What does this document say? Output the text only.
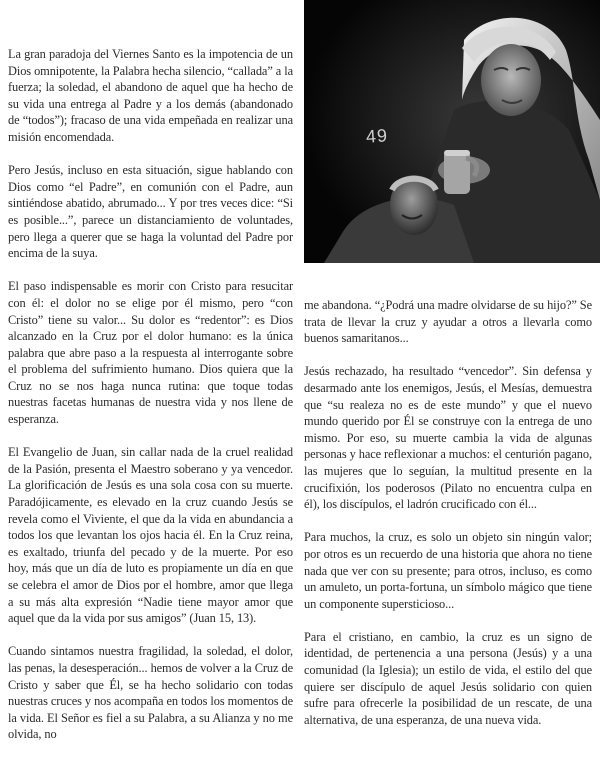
49

La gran paradoja del Viernes Santo es la impotencia de un Dios omnipotente, la Palabra hecha silencio, “callada” a la fuerza; la soledad, el abandono de aquel que ha hecho de su vida una entrega al Padre y a los demás (abandonado de “todos”); fracaso de una vida empeñada en realizar una misión encomendada.

Pero Jesús, incluso en esta situación, sigue hablando con Dios como “el Padre”, en comunión con el Padre, aun sintiéndose abatido, abrumado... Y por tres veces dice: “Si es posible...”, parece un distanciamiento de voluntades, pero llega a querer que se haga la voluntad del Padre por encima de la suya.

El paso indispensable es morir con Cristo para resucitar con él: el dolor no se elige por él mismo, pero “con Cristo” tiene su valor... Su dolor es “redentor”: es Dios alcanzado en la Cruz por el dolor humano: es la única palabra que abre paso a la respuesta al interrogante sobre el problema del sufrimiento humano. Dios quiera que la Cruz no se nos haga nunca rutina: que toque todas nuestras facetas humanas de nuestra vida y nos llene de esperanza.

El Evangelio de Juan, sin callar nada de la cruel realidad de la Pasión, presenta el Maestro soberano y ya vencedor. La glorificación de Jesús es una sola cosa con su muerte. Paradójicamente, es elevado en la cruz cuando Jesús se revela como el Viviente, el que da la vida en abundancia a todos los que levantan los ojos hacia él. En la Cruz reina, es exaltado, triunfa del pecado y de la muerte. Por eso hoy, más que un día de luto es propiamente un día en que se celebra el amor de Dios por el hombre, amor que llega a su más alta expresión “Nadie tiene mayor amor que aquel que da la vida por sus amigos” (Juan 15, 13).

Cuando sintamos nuestra fragilidad, la soledad, el dolor, las penas, la desesperación... hemos de volver a la Cruz de Cristo y saber que Él, se ha hecho solidario con todas nuestras cruces y nos acompaña en todos los momentos de la vida. El Señor es fiel a su Palabra, a su Alianza y no me olvida, no

me abandona. “¿Podrá una madre olvidarse de su hijo?” Se trata de llevar la cruz y ayudar a otros a llevarla como buenos samaritanos...

Jesús rechazado, ha resultado “vencedor”. Sin defensa y desarmado ante los enemigos, Jesús, el Mesías, demuestra que “su realeza no es de este mundo” y que el nuevo mundo querido por Él se construye con la entrega de uno mismo. Por eso, su muerte cambia la vida de algunas personas y hace reflexionar a muchos: el centurión pagano, las mujeres que lo seguían, la multitud presente en la crucifixión, los poderosos (Pilato no encuentra culpa en él), los discípulos, el ladrón crucificado con él...

Para muchos, la cruz, es solo un objeto sin ningún valor; por otros es un recuerdo de una historia que ahora no tiene nada que ver con su presente; para otros, incluso, es como un amuleto, un porta-fortuna, un símbolo mágico que tiene un componente supersticioso...

Para el cristiano, en cambio, la cruz es un signo de identidad, de pertenencia a una persona (Jesús) y a una comunidad (la Iglesia); un estilo de vida, el estilo del que quiere ser discípulo de aquel Jesús solidario con quien sufre para ofrecerle la posibilidad de un rescate, de una alternativa, de una esperanza, de una nueva vida.
